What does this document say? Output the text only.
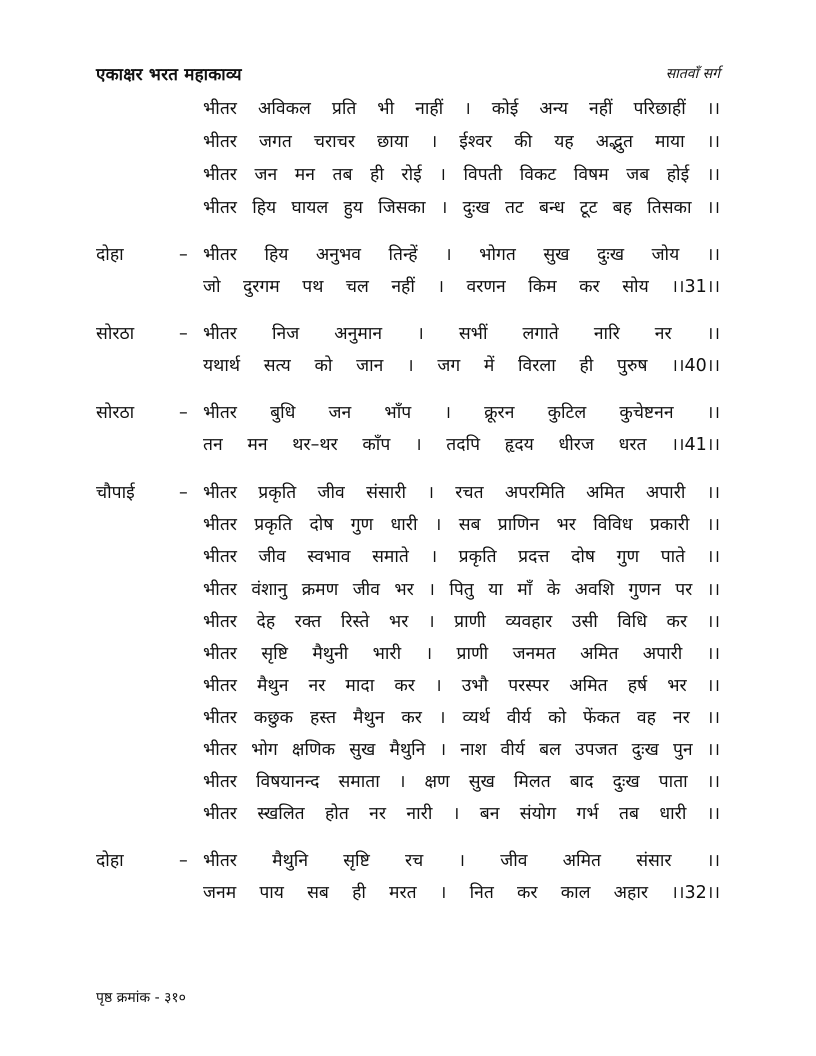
एकाक्षर भरत महाकाव्य	सातवाँ सर्ग
भीतर अविकल प्रति भी नाहीं । कोई अन्य नहीं परिछाहीं ।।
भीतर जगत चराचर छाया । ईश्वर की यह अद्भुत माया ।।
भीतर जन मन तब ही रोई । विपती विकट विषम जब होई ।।
भीतर हिय घायल हुय जिसका । दुःख तट बन्ध टूट बह तिसका ।।
दोहा	– भीतर हिय अनुभव तिन्हें । भोगत सुख दुःख जोय ।।
जो दुरगम पथ चल नहीं । वरणन किम कर सोय ।।31।।
सोरठा	– भीतर निज अनुमान । सभीं लगाते नारि नर ।।
यथार्थ सत्य को जान । जग में विरला ही पुरुष ।।40।।
सोरठा	– भीतर बुधि जन भाँप । क्रूरन कुटिल कुचेष्टनन ।।
तन मन थर–थर काँप । तदपि हृदय धीरज धरत ।।41।।
चौपाई	– भीतर प्रकृति जीव संसारी । रचत अपरमिति अमित अपारी ।।
भीतर प्रकृति दोष गुण धारी । सब प्राणिन भर विविध प्रकारी ।।
भीतर जीव स्वभाव समाते । प्रकृति प्रदत्त दोष गुण पाते ।।
भीतर वंशानु क्रमण जीव भर । पितु या माँ के अवशि गुणन पर ।।
भीतर देह रक्त रिस्ते भर । प्राणी व्यवहार उसी विधि कर ।।
भीतर सृष्टि मैथुनी भारी । प्राणी जनमत अमित अपारी ।।
भीतर मैथुन नर मादा कर । उभौ परस्पर अमित हर्ष भर ।।
भीतर कछुक हस्त मैथुन कर । व्यर्थ वीर्य को फेंकत वह नर ।।
भीतर भोग क्षणिक सुख मैथुनि । नाश वीर्य बल उपजत दुःख पुन ।।
भीतर विषयानन्द समाता । क्षण सुख मिलत बाद दुःख पाता ।।
भीतर स्खलित होत नर नारी । बन संयोग गर्भ तब धारी ।।
दोहा	– भीतर मैथुनि सृष्टि रच । जीव अमित संसार ।।
जनम पाय सब ही मरत । नित कर काल अहार ।।32।।
पृष्ठ क्रमांक - ३१०
